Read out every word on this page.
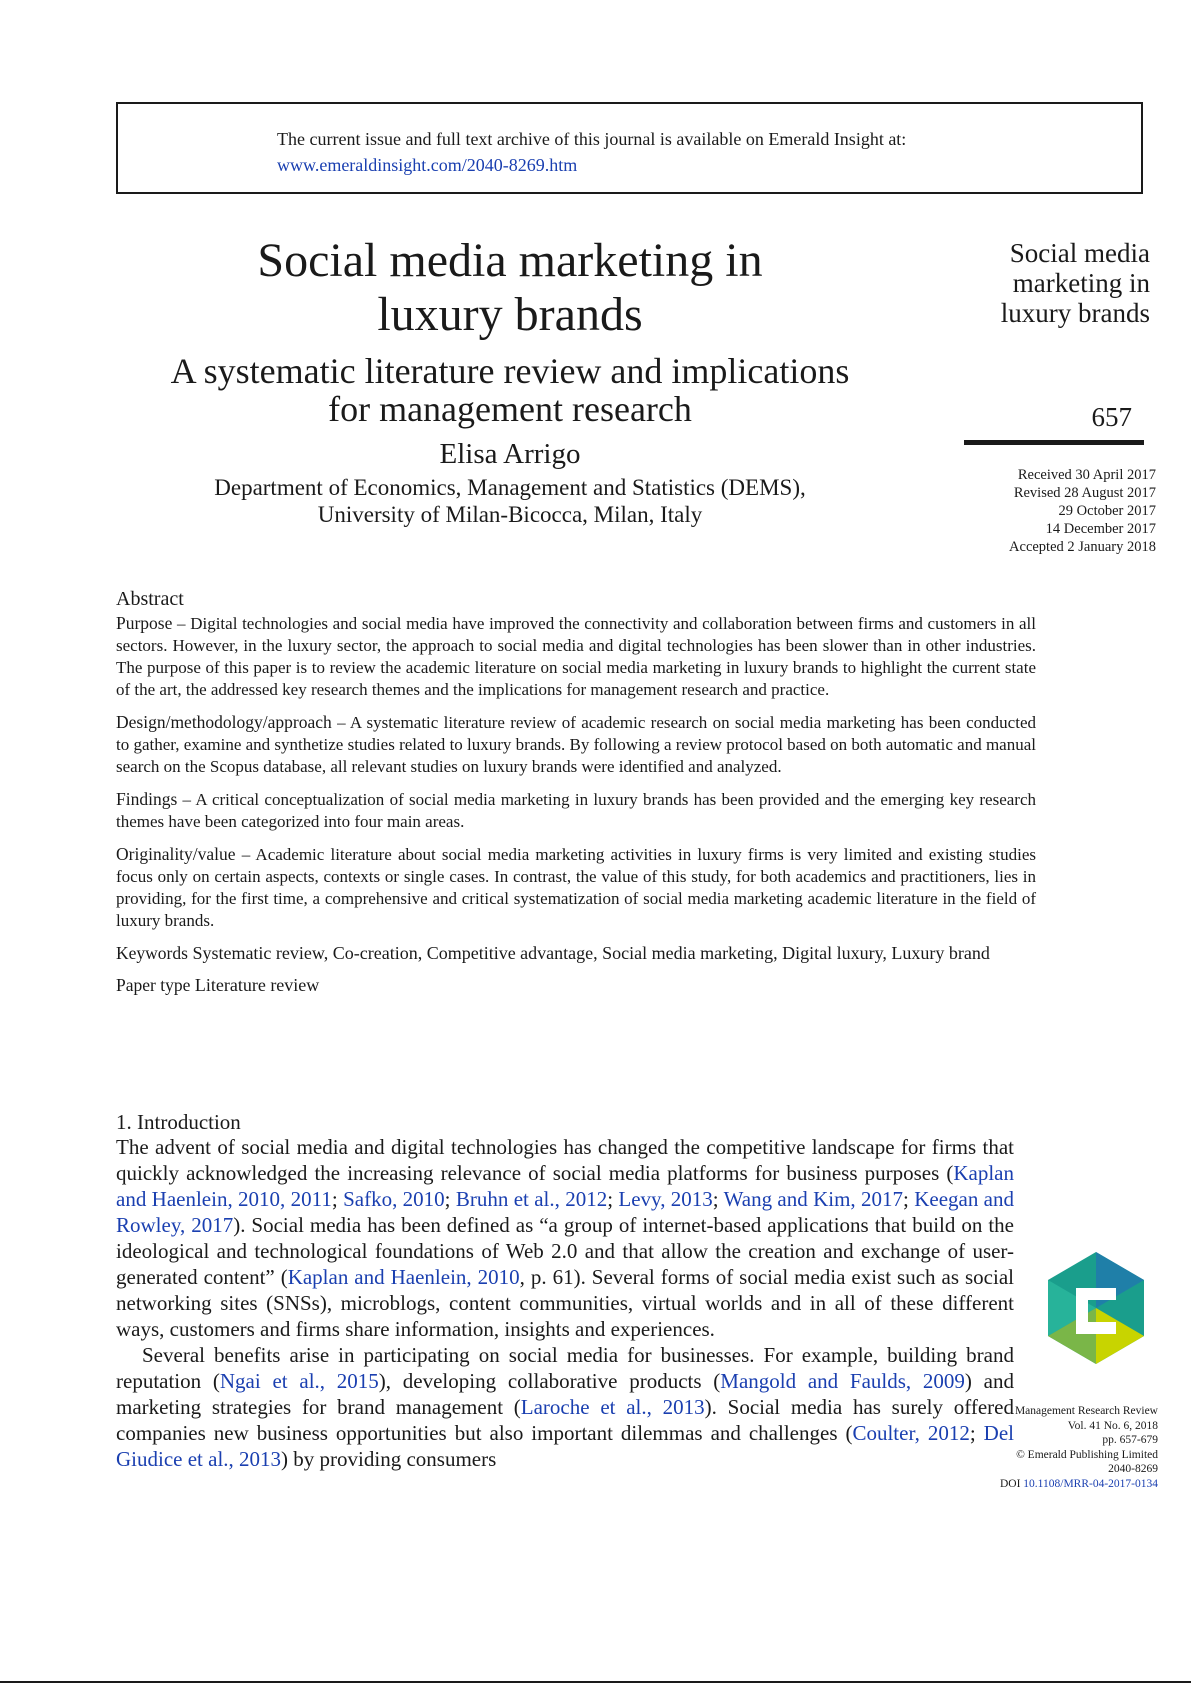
The current issue and full text archive of this journal is available on Emerald Insight at:
www.emeraldinsight.com/2040-8269.htm
Social media marketing in
luxury brands
A systematic literature review and implications
for management research
Elisa Arrigo
Department of Economics, Management and Statistics (DEMS),
University of Milan-Bicocca, Milan, Italy
Social media
marketing in
luxury brands
657
Received 30 April 2017
Revised 28 August 2017
29 October 2017
14 December 2017
Accepted 2 January 2018

Abstract

Purpose – Digital technologies and social media have improved the connectivity and collaboration between firms and customers in all sectors. However, in the luxury sector, the approach to social media and digital technologies has been slower than in other industries. The purpose of this paper is to review the academic literature on social media marketing in luxury brands to highlight the current state of the art, the addressed key research themes and the implications for management research and practice.

Design/methodology/approach – A systematic literature review of academic research on social media marketing has been conducted to gather, examine and synthetize studies related to luxury brands. By following a review protocol based on both automatic and manual search on the Scopus database, all relevant studies on luxury brands were identified and analyzed.

Findings – A critical conceptualization of social media marketing in luxury brands has been provided and the emerging key research themes have been categorized into four main areas.

Originality/value – Academic literature about social media marketing activities in luxury firms is very limited and existing studies focus only on certain aspects, contexts or single cases. In contrast, the value of this study, for both academics and practitioners, lies in providing, for the first time, a comprehensive and critical systematization of social media marketing academic literature in the field of luxury brands.

Keywords Systematic review, Co-creation, Competitive advantage, Social media marketing, Digital luxury, Luxury brand

Paper type Literature review

1. Introduction

The advent of social media and digital technologies has changed the competitive landscape for firms that quickly acknowledged the increasing relevance of social media platforms for business purposes (Kaplan and Haenlein, 2010, 2011; Safko, 2010; Bruhn et al., 2012; Levy, 2013; Wang and Kim, 2017; Keegan and Rowley, 2017). Social media has been defined as “a group of internet-based applications that build on the ideological and technological foundations of Web 2.0 and that allow the creation and exchange of user-generated content” (Kaplan and Haenlein, 2010, p. 61). Several forms of social media exist such as social networking sites (SNSs), microblogs, content communities, virtual worlds and in all of these different ways, customers and firms share information, insights and experiences.

Several benefits arise in participating on social media for businesses. For example, building brand reputation (Ngai et al., 2015), developing collaborative products (Mangold and Faulds, 2009) and marketing strategies for brand management (Laroche et al., 2013). Social media has surely offered companies new business opportunities but also important dilemmas and challenges (Coulter, 2012; Del Giudice et al., 2013) by providing consumers

Management Research Review
Vol. 41 No. 6, 2018
pp. 657-679
© Emerald Publishing Limited
2040-8269
DOI 10.1108/MRR-04-2017-0134
